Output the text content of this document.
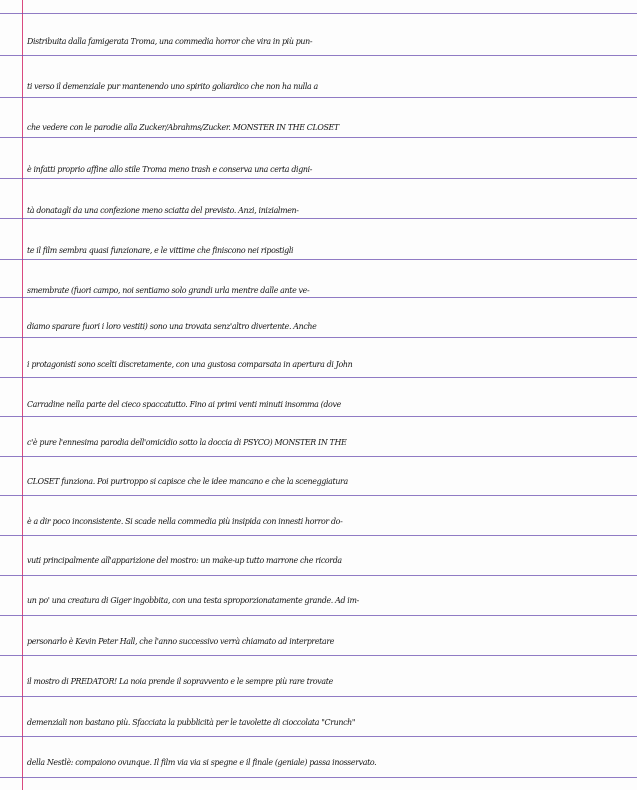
Distribuita dalla famigerata Troma, una commedia horror che vira in più pun-
ti verso il demenziale pur mantenendo uno spirito goliardico che non ha nulla a
che vedere con le parodie alla Zucker/Abrahms/Zucker. MONSTER IN THE CLOSET
è infatti proprio affine allo stile Troma meno trash e conserva una certa digni-
tà donatagli da una confezione meno sciatta del previsto. Anzi, inizialmen-
te il film sembra quasi funzionare, e le vittime che finiscono nei ripostigli
smembrate (fuori campo, noi sentiamo solo grandi urla mentre dalle ante ve-
diamo sparare fuori i loro vestiti) sono una trovata senz'altro divertente. Anche
i protagonisti sono scelti discretamente, con una gustosa comparsata in apertura di John
Carradine nella parte del cieco spaccatutto. Fino ai primi venti minuti insomma (dove
c'è pure l'ennesima parodia dell'omicidio sotto la doccia di PSYCO) MONSTER IN THE
CLOSET funziona. Poi purtroppo si capisce che le idee mancano e che la sceneggiatura
è a dir poco inconsistente. Si scade nella commedia più insipida con innesti horror do-
vuti principalmente all'apparizione del mostro: un make-up tutto marrone che ricorda
un po' una creatura di Giger ingobbita, con una testa sproporzionatamente grande. Ad im-
personarlo è Kevin Peter Hall, che l'anno successivo verrà chiamato ad interpretare
il mostro di PREDATOR! La noia prende il sopravvento e le sempre più rare trovate
demenziali non bastano più. Sfacciata la pubblicità per le tavolette di cioccolata "Crunch"
della Nestlè: compaiono ovunque. Il film via via si spegne e il finale (geniale) passa inosservato.
